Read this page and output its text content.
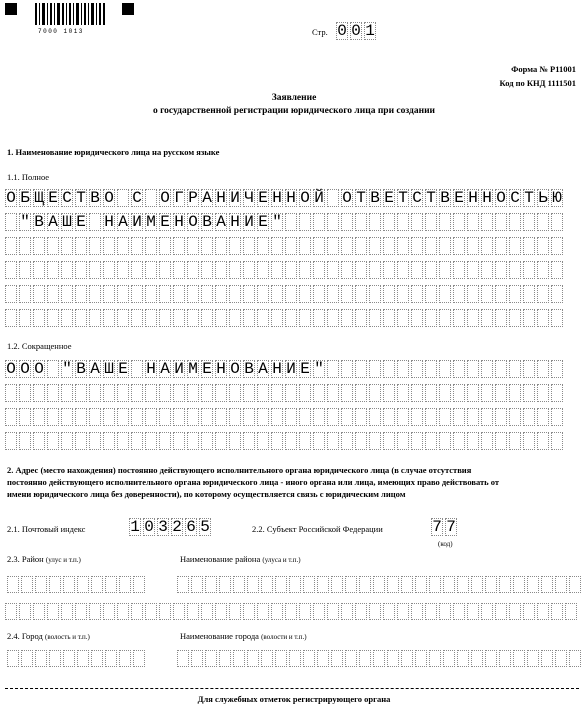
7000 1013	Стр. 0 0 1
Форма № Р11001
Код по КНД 1111501
Заявление
о государственной регистрации юридического лица при создании
1. Наименование юридического лица на русском языке
1.1. Полное
О Б Щ Е С Т В О С О Г Р А Н И Ч Е Н Н О Й О Т В Е Т С Т В Е Н Н О С Т Ь Ю
" В А Ш Е Н А И М Е Н О В А Н И Е "
1.2. Сокращенное
О О О " В А Ш Е Н А И М Е Н О В А Н И Е "
2. Адрес (место нахождения) постоянно действующего исполнительного органа юридического лица (в случае отсутствия
постоянно действующего исполнительного органа юридического лица - иного органа или лица, имеющих право действовать от
имени юридического лица без доверенности), по которому осуществляется связь с юридическим лицом
2.1. Почтовый индекс	1 0 3 2 6 5	2.2. Субъект Российской Федерации	7 7
(код)
2.3. Район (улус и т.п.)	Наименование района (улуса и т.п.)
2.4. Город (волость и т.п.)	Наименование города (волости и т.п.)
Для служебных отметок регистрирующего органа
